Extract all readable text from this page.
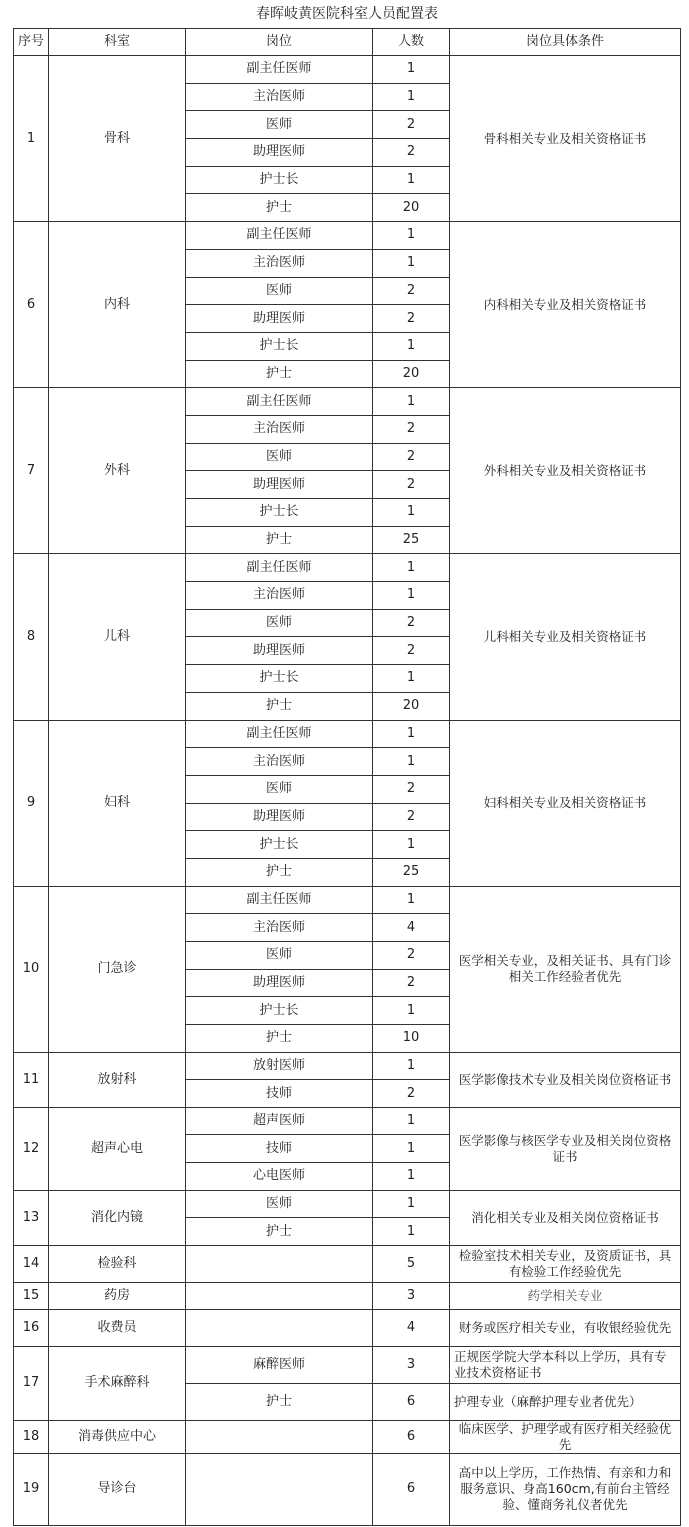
春晖岐黄医院科室人员配置表				
序号	科室	岗位	人数	岗位具体条件
1	骨科	副主任医师	1	骨科相关专业及相关资格证书
		主治医师	1	
		医师	2	
		助理医师	2	
		护士长	1	
		护士	20	
6	内科	副主任医师	1	内科相关专业及相关资格证书
		主治医师	1	
		医师	2	
		助理医师	2	
		护士长	1	
		护士	20	
7	外科	副主任医师	1	外科相关专业及相关资格证书
		主治医师	2	
		医师	2	
		助理医师	2	
		护士长	1	
		护士	25	
8	儿科	副主任医师	1	儿科相关专业及相关资格证书
		主治医师	1	
		医师	2	
		助理医师	2	
		护士长	1	
		护士	20	
9	妇科	副主任医师	1	妇科相关专业及相关资格证书
		主治医师	1	
		医师	2	
		助理医师	2	
		护士长	1	
		护士	25	
10	门急诊	副主任医师	1	医学相关专业，及相关证书、具有门诊相关工作经验者优先
		主治医师	4	
		医师	2	
		助理医师	2	
		护士长	1	
		护士	10	
11	放射科	放射医师	1	医学影像技术专业及相关岗位资格证书
		技师	2	
12	超声心电	超声医师	1	医学影像与核医学专业及相关岗位资格证书
		技师	1	
		心电医师	1	
13	消化内镜	医师	1	消化相关专业及相关岗位资格证书
		护士	1	
14	检验科		5	检验室技术相关专业，及资质证书，具有检验工作经验优先
15	药房		3	药学相关专业
16	收费员		4	财务或医疗相关专业，有收银经验优先
17	手术麻醉科	麻醉医师	3	正规医学院大学本科以上学历，具有专业技术资格证书
		护士	6	护理专业（麻醉护理专业者优先）
18	消毒供应中心		6	临床医学、护理学或有医疗相关经验优先
19	导诊台		6	高中以上学历，工作热情、有亲和力和服务意识、身高160cm,有前台主管经验、懂商务礼仪者优先
